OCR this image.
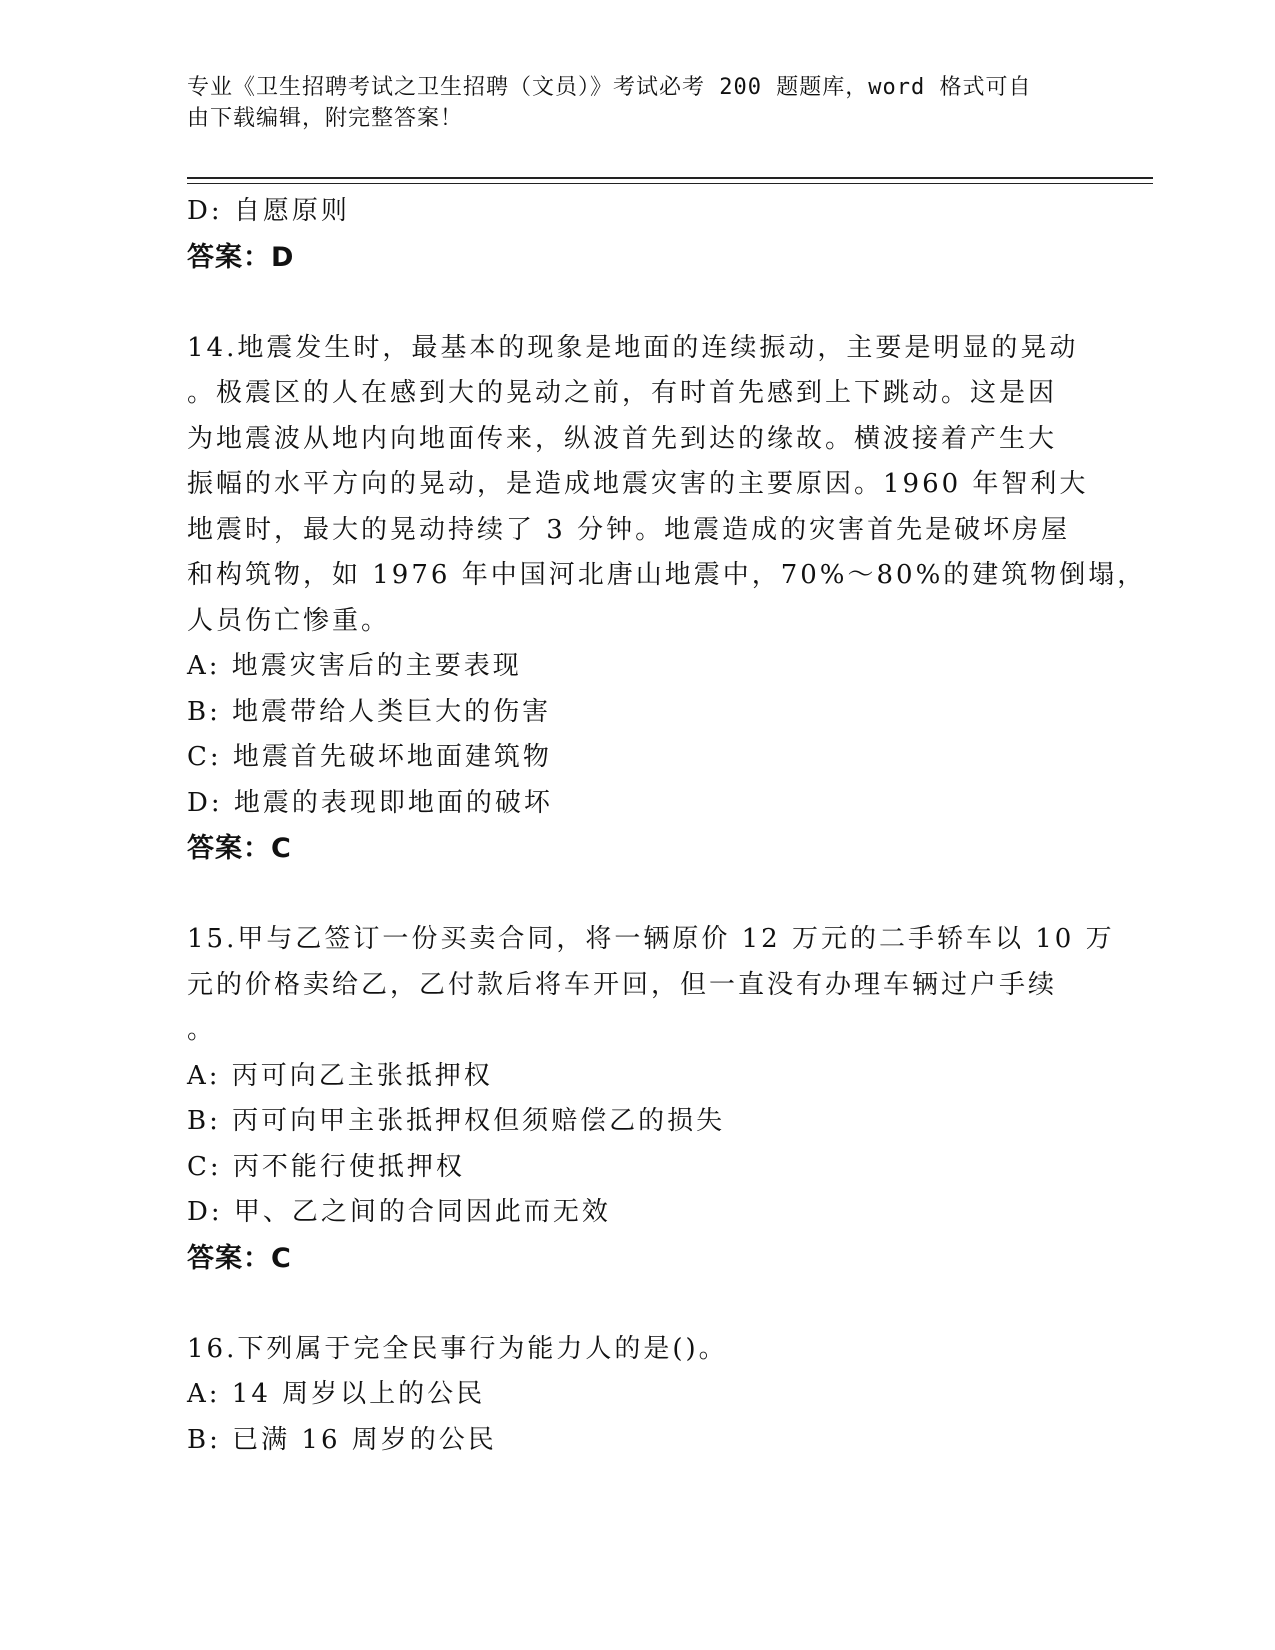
专业《卫生招聘考试之卫生招聘（文员）》考试必考 200 题题库，word 格式可自
由下载编辑，附完整答案！
D: 自愿原则
答案：D
14.地震发生时，最基本的现象是地面的连续振动，主要是明显的晃动
。极震区的人在感到大的晃动之前，有时首先感到上下跳动。这是因
为地震波从地内向地面传来，纵波首先到达的缘故。横波接着产生大
振幅的水平方向的晃动，是造成地震灾害的主要原因。1960 年智利大
地震时，最大的晃动持续了 3 分钟。地震造成的灾害首先是破坏房屋
和构筑物，如 1976 年中国河北唐山地震中，70%～80%的建筑物倒塌，
人员伤亡惨重。
A: 地震灾害后的主要表现
B: 地震带给人类巨大的伤害
C: 地震首先破坏地面建筑物
D: 地震的表现即地面的破坏
答案：C
15.甲与乙签订一份买卖合同，将一辆原价 12 万元的二手轿车以 10 万
元的价格卖给乙，乙付款后将车开回，但一直没有办理车辆过户手续
。
A: 丙可向乙主张抵押权
B: 丙可向甲主张抵押权但须赔偿乙的损失
C: 丙不能行使抵押权
D: 甲、乙之间的合同因此而无效
答案：C
16.下列属于完全民事行为能力人的是()。
A: 14 周岁以上的公民
B: 已满 16 周岁的公民
